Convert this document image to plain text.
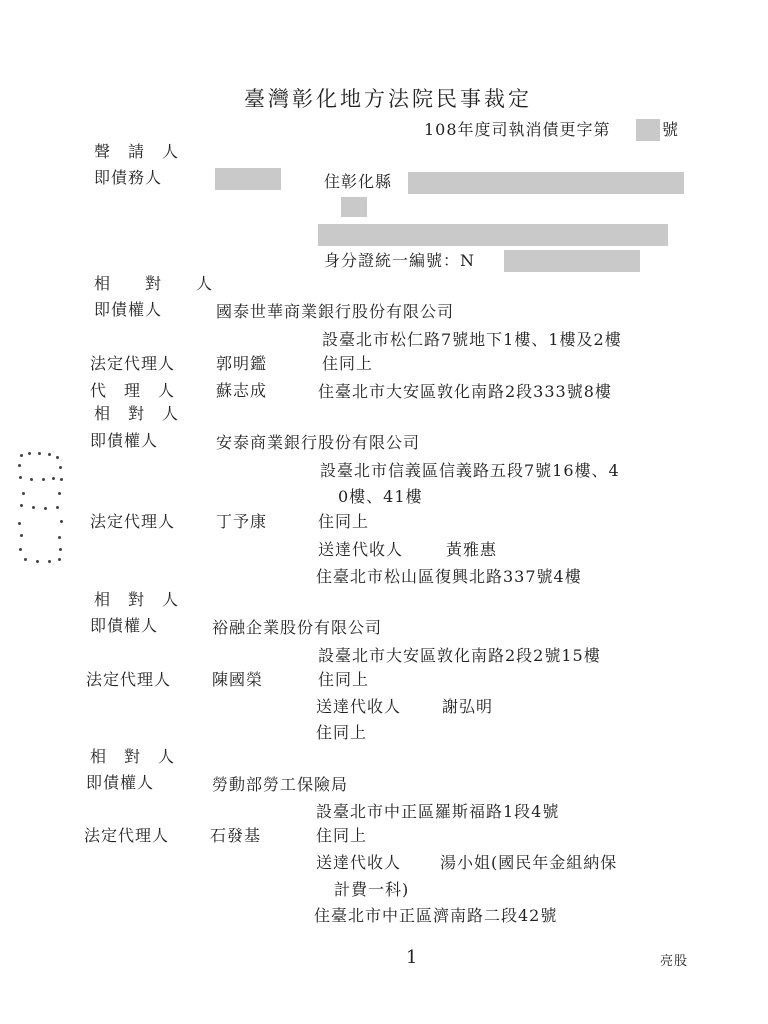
臺灣彰化地方法院民事裁定
108年度司執消債更字第	號
聲　請　人
即債務人	住彰化縣
身分證統一編號：N
相　　對　　人
即債權人	國泰世華商業銀行股份有限公司
設臺北市松仁路7號地下1樓、1樓及2樓
法定代理人	郭明鑑	住同上
代　理　人	蘇志成	住臺北市大安區敦化南路2段333號8樓
相　對　人
即債權人	安泰商業銀行股份有限公司
設臺北市信義區信義路五段7號16樓、4
0樓、41樓
法定代理人	丁予康	住同上
送達代收人	黃雅惠
住臺北市松山區復興北路337號4樓
相　對　人
即債權人	裕融企業股份有限公司
設臺北市大安區敦化南路2段2號15樓
法定代理人	陳國榮	住同上
送達代收人	謝弘明
住同上
相　對　人
即債權人	勞動部勞工保險局
設臺北市中正區羅斯福路1段4號
法定代理人	石發基	住同上
送達代收人 湯小姐(國民年金組納保
計費一科)
住臺北市中正區濟南路二段42號
1	亮股
